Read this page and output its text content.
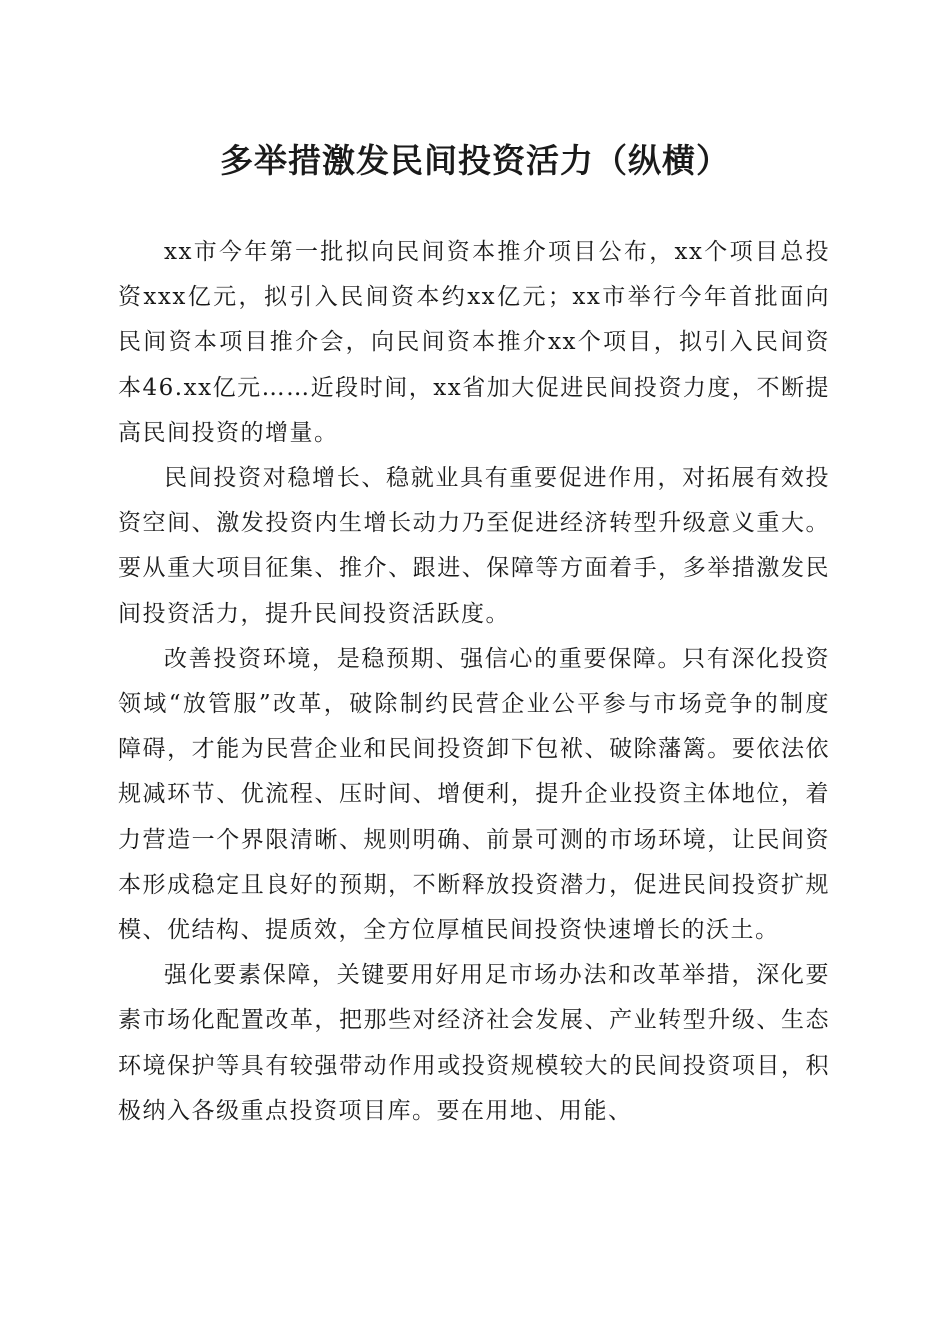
多举措激发民间投资活力（纵横）

xx市今年第一批拟向民间资本推介项目公布，xx个项目总投资xxx亿元，拟引入民间资本约xx亿元；xx市举行今年首批面向民间资本项目推介会，向民间资本推介xx个项目，拟引入民间资本46.xx亿元……近段时间，xx省加大促进民间投资力度，不断提高民间投资的增量。

民间投资对稳增长、稳就业具有重要促进作用，对拓展有效投资空间、激发投资内生增长动力乃至促进经济转型升级意义重大。要从重大项目征集、推介、跟进、保障等方面着手，多举措激发民间投资活力，提升民间投资活跃度。

改善投资环境，是稳预期、强信心的重要保障。只有深化投资领域“放管服”改革，破除制约民营企业公平参与市场竞争的制度障碍，才能为民营企业和民间投资卸下包袱、破除藩篱。要依法依规减环节、优流程、压时间、增便利，提升企业投资主体地位，着力营造一个界限清晰、规则明确、前景可测的市场环境，让民间资本形成稳定且良好的预期，不断释放投资潜力，促进民间投资扩规模、优结构、提质效，全方位厚植民间投资快速增长的沃土。

强化要素保障，关键要用好用足市场办法和改革举措，深化要素市场化配置改革，把那些对经济社会发展、产业转型升级、生态环境保护等具有较强带动作用或投资规模较大的民间投资项目，积极纳入各级重点投资项目库。要在用地、用能、
